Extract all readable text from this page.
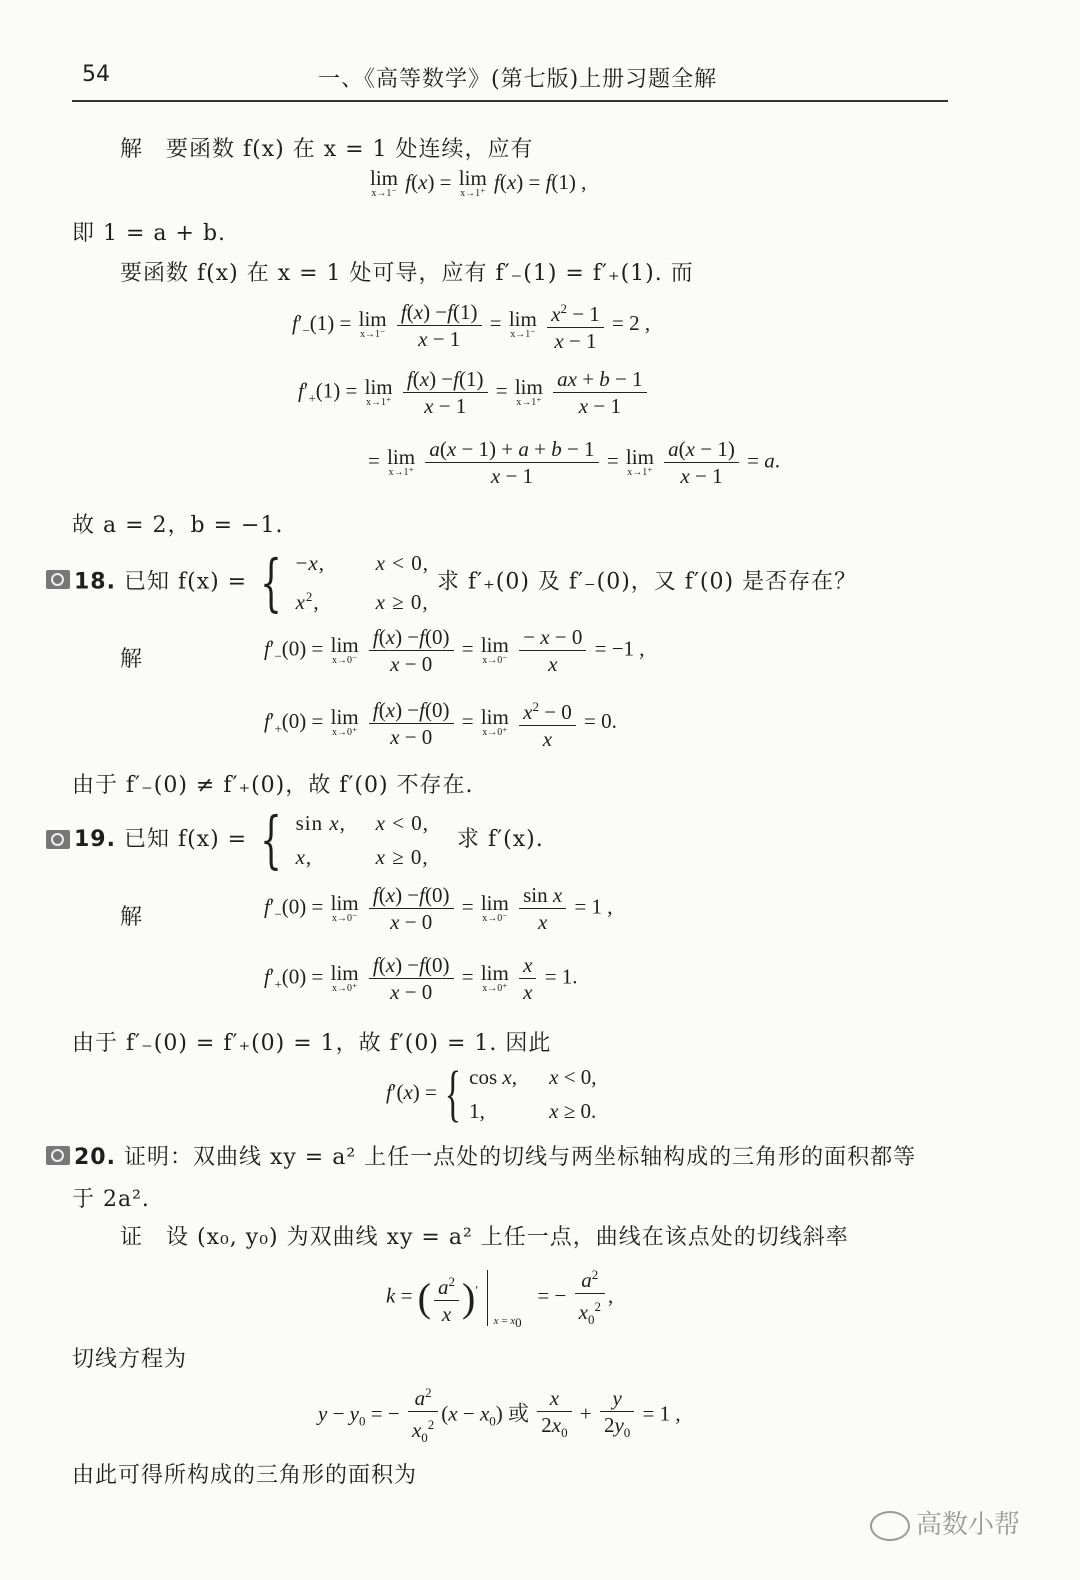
54	一、《高等数学》(第七版)上册习题全解
解　要函数 f(x) 在 x = 1 处连续，应有
lim
x→1⁻ f(x) = lim
x→1⁺ f(x) = f(1) ,
即 1 = a + b.
要函数 f(x) 在 x = 1 处可导，应有 f′₋(1) = f′₊(1). 而
$f'_-(1) = \lim$
x→1⁻
$\frac{f(x) -f(1)}{x - 1} = \lim$
x→1⁻
$\frac{x^2 - 1}{x - 1} = 2$ ,
$f'_+(1) = \lim$
x→1⁺
$\frac{f(x) -f(1)}{x - 1} = \lim$
x→1⁺
$\frac{ax + b - 1}{x - 1}$
= lim
x→1⁺
$\frac{a(x - 1) + a + b - 1}{x - 1} = \lim$
x→1⁺
$\frac{a(x - 1)}{x - 1} = a$.
故 a = 2，b = −1.
18. 已知 f(x) = { −x, x < 0,
$x^2$,	x ≥ 0,
求 f′₊(0) 及 f′₋(0)，又 f′(0) 是否存在？
解	$f'_-(0) = \lim$
x→0⁻
$\frac{f(x) -f(0)}{x - 0} = \lim$
x→0⁻
$\frac{- x - 0}{x} = -1$ ,
$f'_+(0) = \lim$
x→0⁺
$\frac{f(x) -f(0)}{x - 0} = \lim$
x→0⁺
$\frac{x^2 - 0}{x} = 0$.
由于 f′₋(0) ≠ f′₊(0)，故 f′(0) 不存在.
19. 已知 f(x) = { sin x, x < 0,
x,	x ≥ 0,
求 f′(x).
解	$f'_-(0) = \lim$
x→0⁻
$\frac{f(x) -f(0)}{x - 0} = \lim$
x→0⁻
$\frac{\text{sin x}}{x} = 1$ ,
$f'_+(0) = \lim$
x→0⁺
$\frac{f(x) -f(0)}{x - 0} = \lim$
x→0⁺
$\frac{x}{x} = 1$.
由于 f′₋(0) = f′₊(0) = 1，故 f′(0) = 1. 因此
f′(x) = { cos x, x < 0,
1,	x ≥ 0.
20. 证明：双曲线 xy = a² 上任一点处的切线与两坐标轴构成的三角形的面积都等
于 2a².
证　设 (x₀, y₀) 为双曲线 xy = a² 上任一点，曲线在该点处的切线斜率
k = ( $\frac{a^2}{x} )'$  $_{x = x_0}$   = − $\frac{a^2}{x_0^2}$ ,
切线方程为
$y - y_0$ = − $\frac{a^2}{x_0^2} (x - x_0)$ 或 $\frac{x}{2x_0} + \frac{y}{2y_0} = 1$ ,
由此可得所构成的三角形的面积为
高数小帮
